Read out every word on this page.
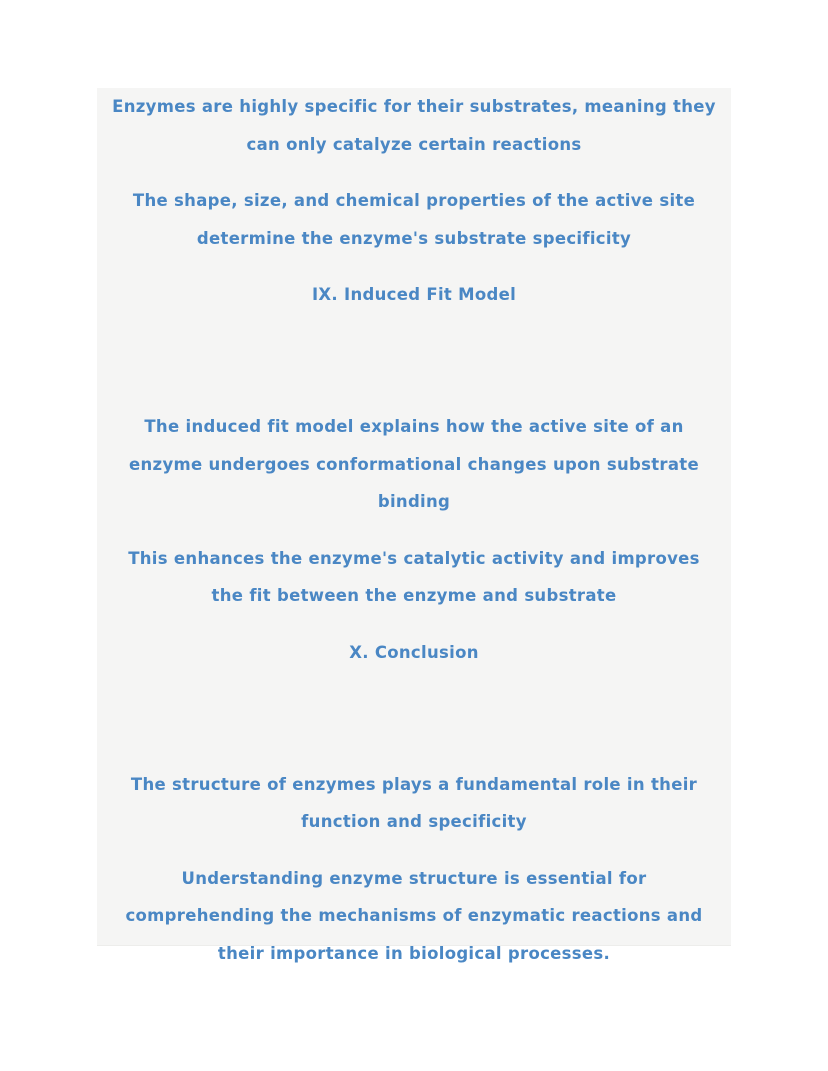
Enzymes are highly specific for their substrates, meaning they
can only catalyze certain reactions
The shape, size, and chemical properties of the active site
determine the enzyme's substrate specificity
IX. Induced Fit Model
The induced fit model explains how the active site of an
enzyme undergoes conformational changes upon substrate
binding
This enhances the enzyme's catalytic activity and improves
the fit between the enzyme and substrate
X. Conclusion
The structure of enzymes plays a fundamental role in their
function and specificity
Understanding enzyme structure is essential for
comprehending the mechanisms of enzymatic reactions and
their importance in biological processes.
